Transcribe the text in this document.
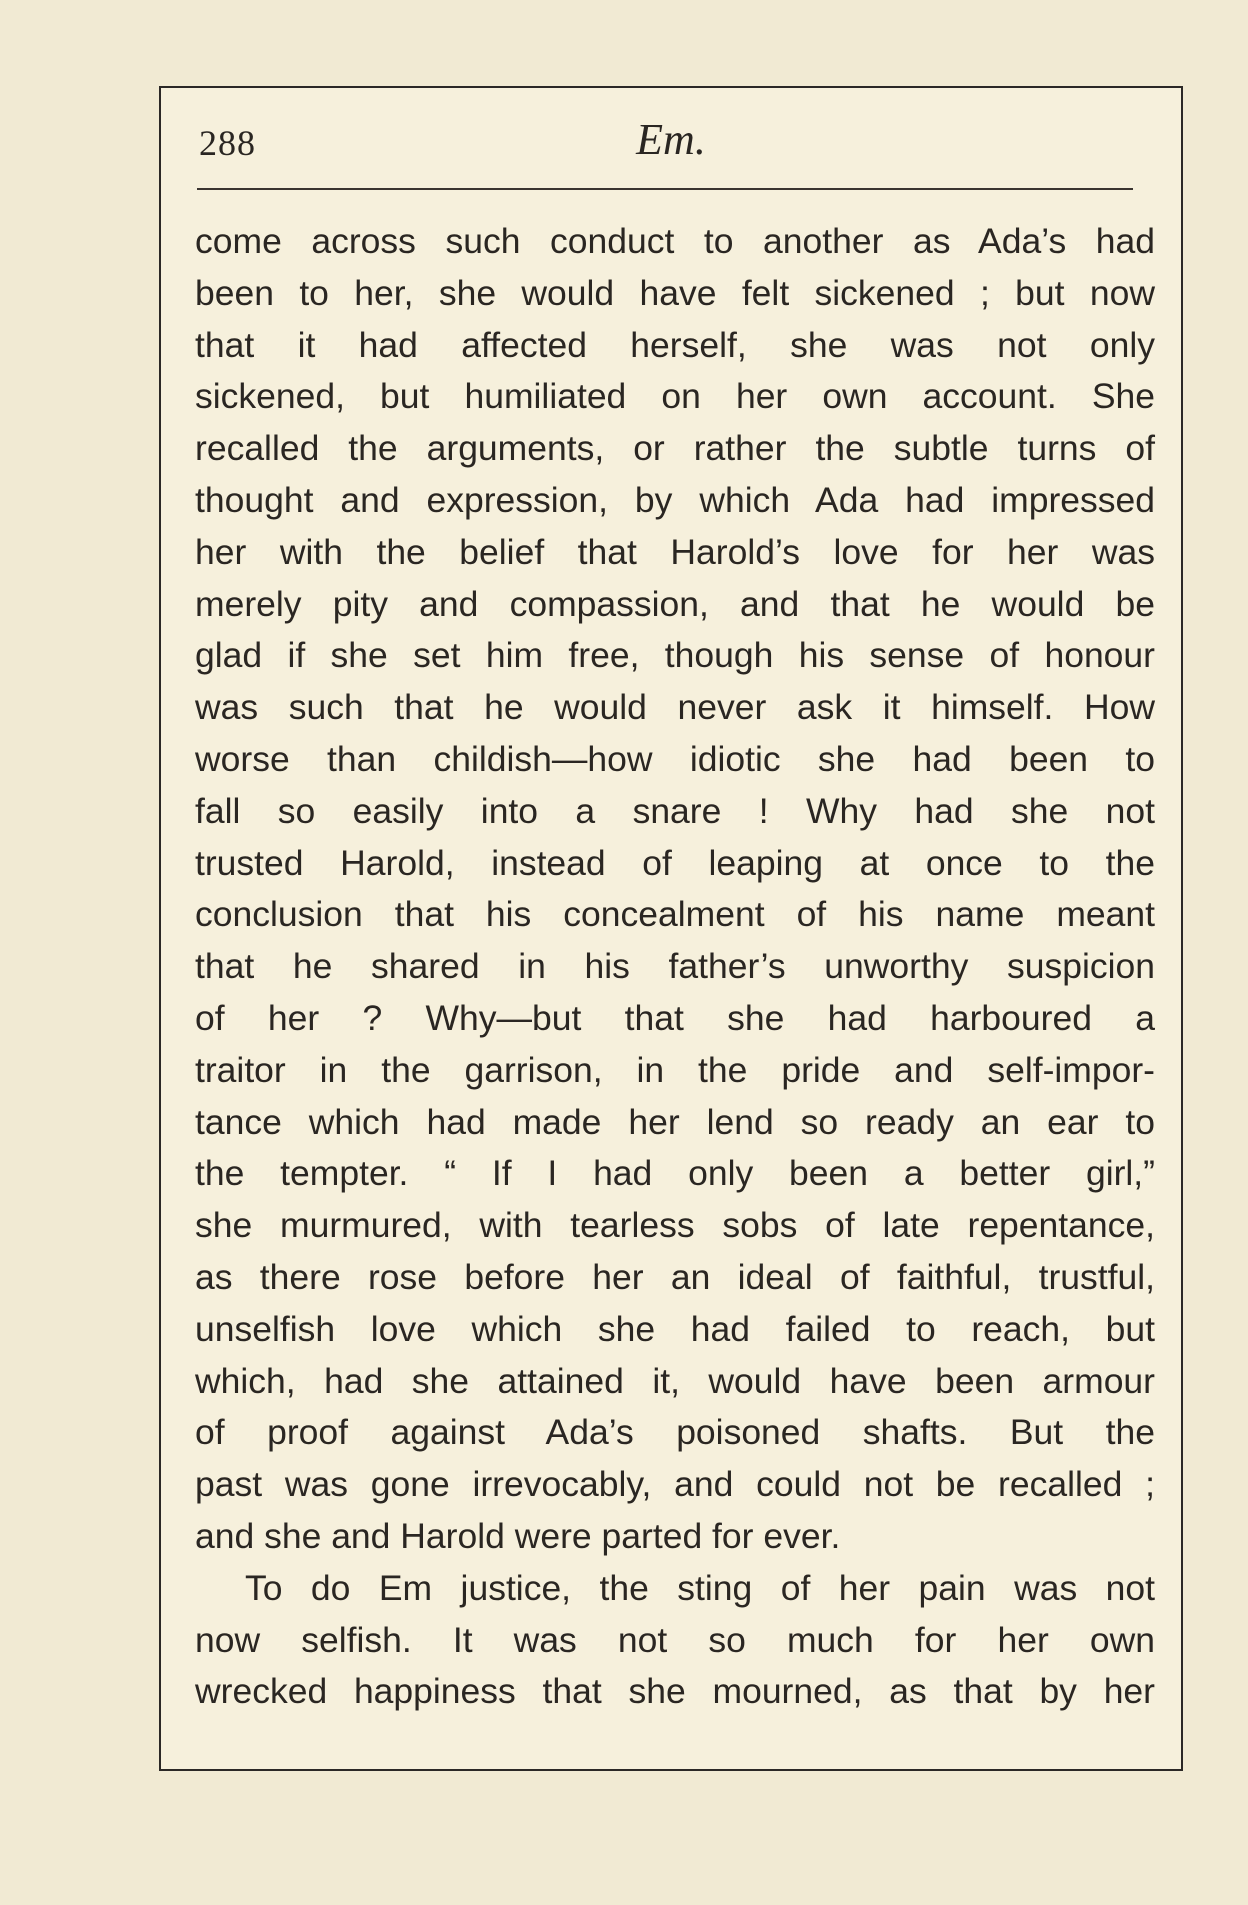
288	Em.
come across such conduct to another as Ada’s had
been to her, she would have felt sickened ; but now
that it had affected herself, she was not only
sickened, but humiliated on her own account. She
recalled the arguments, or rather the subtle turns of
thought and expression, by which Ada had impressed
her with the belief that Harold’s love for her was
merely pity and compassion, and that he would be
glad if she set him free, though his sense of honour
was such that he would never ask it himself. How
worse than childish—how idiotic she had been to
fall so easily into a snare ! Why had she not
trusted Harold, instead of leaping at once to the
conclusion that his concealment of his name meant
that he shared in his father’s unworthy suspicion
of her ? Why—but that she had harboured a
traitor in the garrison, in the pride and self-impor-
tance which had made her lend so ready an ear to
the tempter. “ If I had only been a better girl,”
she murmured, with tearless sobs of late repentance,
as there rose before her an ideal of faithful, trustful,
unselfish love which she had failed to reach, but
which, had she attained it, would have been armour
of proof against Ada’s poisoned shafts. But the
past was gone irrevocably, and could not be recalled ;
and she and Harold were parted for ever.
To do Em justice, the sting of her pain was not
now selfish. It was not so much for her own
wrecked happiness that she mourned, as that by her
